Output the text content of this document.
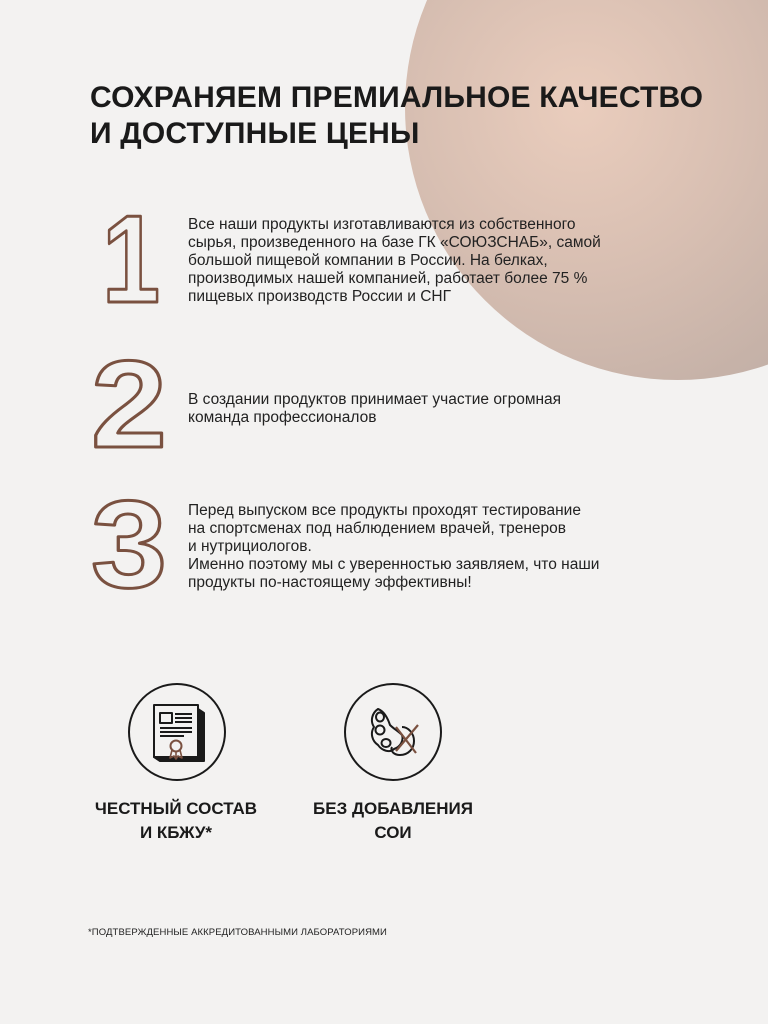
СОХРАНЯЕМ ПРЕМИАЛЬНОЕ КАЧЕСТВО
И ДОСТУПНЫЕ ЦЕНЫ
1 Все наши продукты изготавливаются из собственного

сырья, произведенного на базе ГК «СОЮЗСНАБ», самой

большой пищевой компании в России. На белках,

производимых нашей компанией, работает более 75 %

пищевых производств России и СНГ

2 В создании продуктов принимает участие огромная

команда профессионалов

3 Перед выпуском все продукты проходят тестирование

на спортсменах под наблюдением врачей, тренеров

и нутрициологов.

Именно поэтому мы с уверенностью заявляем, что наши

продукты по-настоящему эффективны!

ЧЕСТНЫЙ СОСТАВ
И КБЖУ*
БЕЗ ДОБАВЛЕНИЯ
СОИ
*ПОДТВЕРЖДЕННЫЕ АККРЕДИТОВАННЫМИ ЛАБОРАТОРИЯМИ
